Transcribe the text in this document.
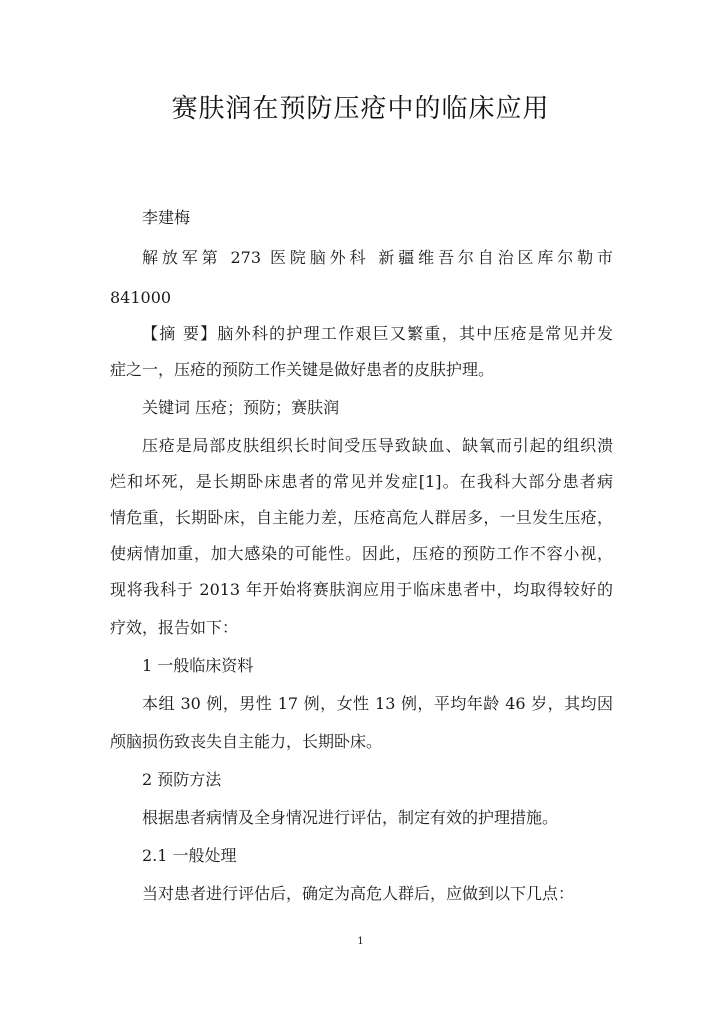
赛肤润在预防压疮中的临床应用
李建梅
解放军第 273 医院脑外科 新疆维吾尔自治区库尔勒市
841000
【摘 要】脑外科的护理工作艰巨又繁重，其中压疮是常见并发
症之一，压疮的预防工作关键是做好患者的皮肤护理。
关键词 压疮；预防；赛肤润
压疮是局部皮肤组织长时间受压导致缺血、缺氧而引起的组织溃
烂和坏死，是长期卧床患者的常见并发症[1]。在我科大部分患者病
情危重，长期卧床，自主能力差，压疮高危人群居多，一旦发生压疮，
使病情加重，加大感染的可能性。因此，压疮的预防工作不容小视，
现将我科于 2013 年开始将赛肤润应用于临床患者中，均取得较好的
疗效，报告如下：
1 一般临床资料
本组 30 例，男性 17 例，女性 13 例，平均年龄 46 岁，其均因
颅脑损伤致丧失自主能力，长期卧床。
2 预防方法
根据患者病情及全身情况进行评估，制定有效的护理措施。
2.1 一般处理
当对患者进行评估后，确定为高危人群后，应做到以下几点：
1
